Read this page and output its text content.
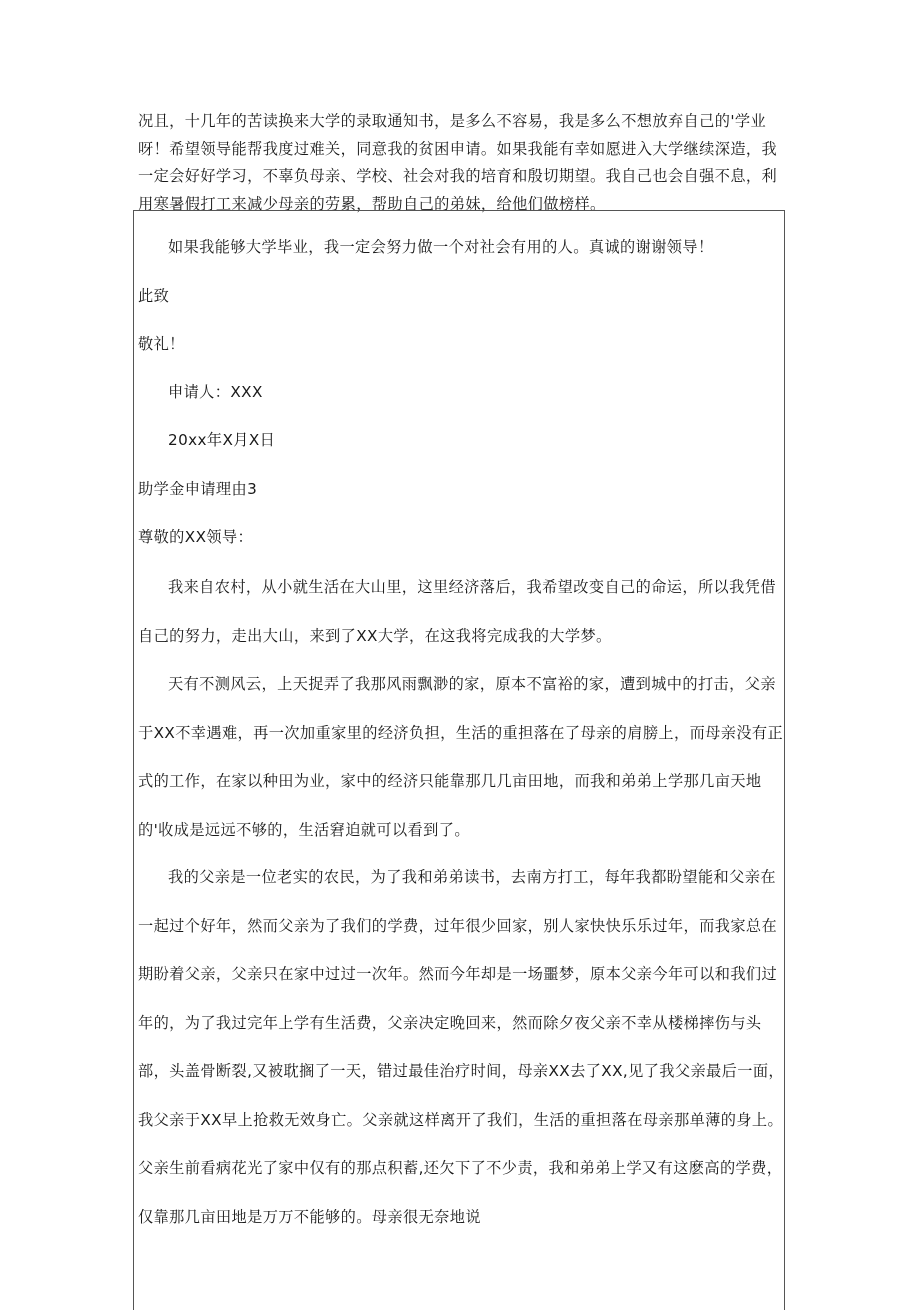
况且，十几年的苦读换来大学的录取通知书，是多么不容易，我是多么不想放弃自己的'学业呀！希望领导能帮我度过难关，同意我的贫困申请。如果我能有幸如愿进入大学继续深造，我一定会好好学习，不辜负母亲、学校、社会对我的培育和殷切期望。我自己也会自强不息，利用寒暑假打工来减少母亲的劳累，帮助自己的弟妹，给他们做榜样。

如果我能够大学毕业，我一定会努力做一个对社会有用的人。真诚的谢谢领导！
此致
敬礼！
申请人：XXX
20xx年X月X日
助学金申请理由3
尊敬的XX领导：

我来自农村，从小就生活在大山里，这里经济落后，我希望改变自己的命运，所以我凭借自己的努力，走出大山，来到了XX大学，在这我将完成我的大学梦。

天有不测风云，上天捉弄了我那风雨飘渺的家，原本不富裕的家，遭到城中的打击，父亲于XX不幸遇难，再一次加重家里的经济负担，生活的重担落在了母亲的肩膀上，而母亲没有正式的工作，在家以种田为业，家中的经济只能靠那几几亩田地，而我和弟弟上学那几亩天地的'收成是远远不够的，生活窘迫就可以看到了。

我的父亲是一位老实的农民，为了我和弟弟读书，去南方打工，每年我都盼望能和父亲在一起过个好年，然而父亲为了我们的学费，过年很少回家，别人家快快乐乐过年，而我家总在期盼着父亲，父亲只在家中过过一次年。然而今年却是一场噩梦，原本父亲今年可以和我们过年的，为了我过完年上学有生活费，父亲决定晚回来，然而除夕夜父亲不幸从楼梯摔伤与头部，头盖骨断裂,又被耽搁了一天，错过最佳治疗时间，母亲XX去了XX,见了我父亲最后一面，我父亲于XX早上抢救无效身亡。父亲就这样离开了我们，生活的重担落在母亲那单薄的身上。父亲生前看病花光了家中仅有的那点积蓄,还欠下了不少责，我和弟弟上学又有这麽高的学费，仅靠那几亩田地是万万不能够的。母亲很无奈地说
